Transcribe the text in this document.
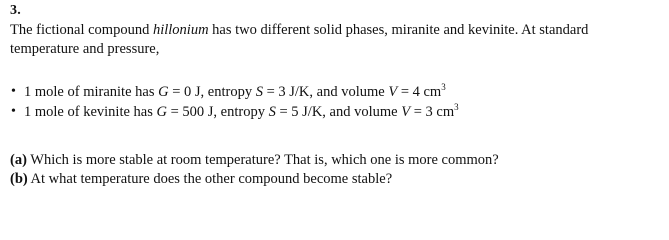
3.
The fictional compound hillonium has two different solid phases, miranite and kevinite. At standard temperature and pressure,
• 1 mole of miranite has G = 0 J, entropy S = 3 J/K, and volume V = 4 $cm^3$
• 1 mole of kevinite has G = 500 J, entropy S = 5 J/K, and volume V = 3 $cm^3$
(a) Which is more stable at room temperature? That is, which one is more common?
(b) At what temperature does the other compound become stable?
